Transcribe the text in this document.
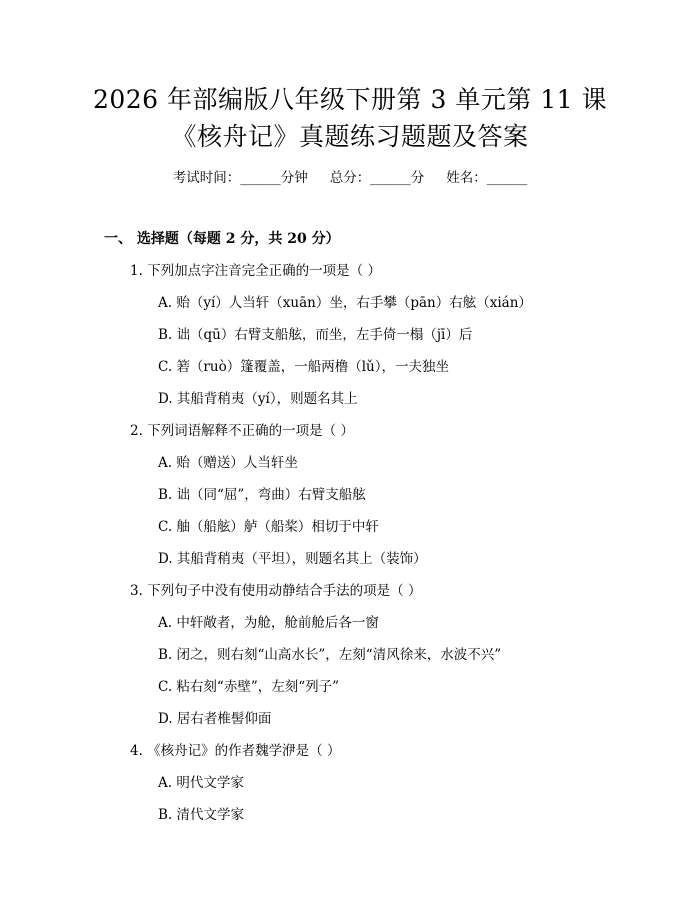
2026 年部编版八年级下册第 3 单元第 11 课
《核舟记》真题练习题题及答案
考试时间：______分钟 总分：______分 姓名：______
一、 选择题（每题 2 分，共 20 分）
1. 下列加点字注音完全正确的一项是（ ）
A. 贻（yí）人当轩（xuān）坐，右手攀（pān）右舷（xián）
B. 诎（qū）右臂支船舷，而坐，左手倚一榻（jī）后
C. 箬（ruò）篷覆盖，一船两橹（lǔ），一夫独坐
D. 其船背稍夷（yí），则题名其上
2. 下列词语解释不正确的一项是（ ）
A. 贻（赠送）人当轩坐
B. 诎（同“屈”，弯曲）右臂支船舷
C. 舳（船舷）舻（船桨）相切于中轩
D. 其船背稍夷（平坦），则题名其上（装饰）
3. 下列句子中没有使用动静结合手法的项是（ ）
A. 中轩敞者，为舱，舱前舱后各一窗
B. 闭之，则右刻“山高水长”，左刻“清风徐来，水波不兴”
C. 粘右刻“赤壁”，左刻“列子”
D. 居右者椎髻仰面
4. 《核舟记》的作者魏学洢是（ ）
A. 明代文学家
B. 清代文学家
